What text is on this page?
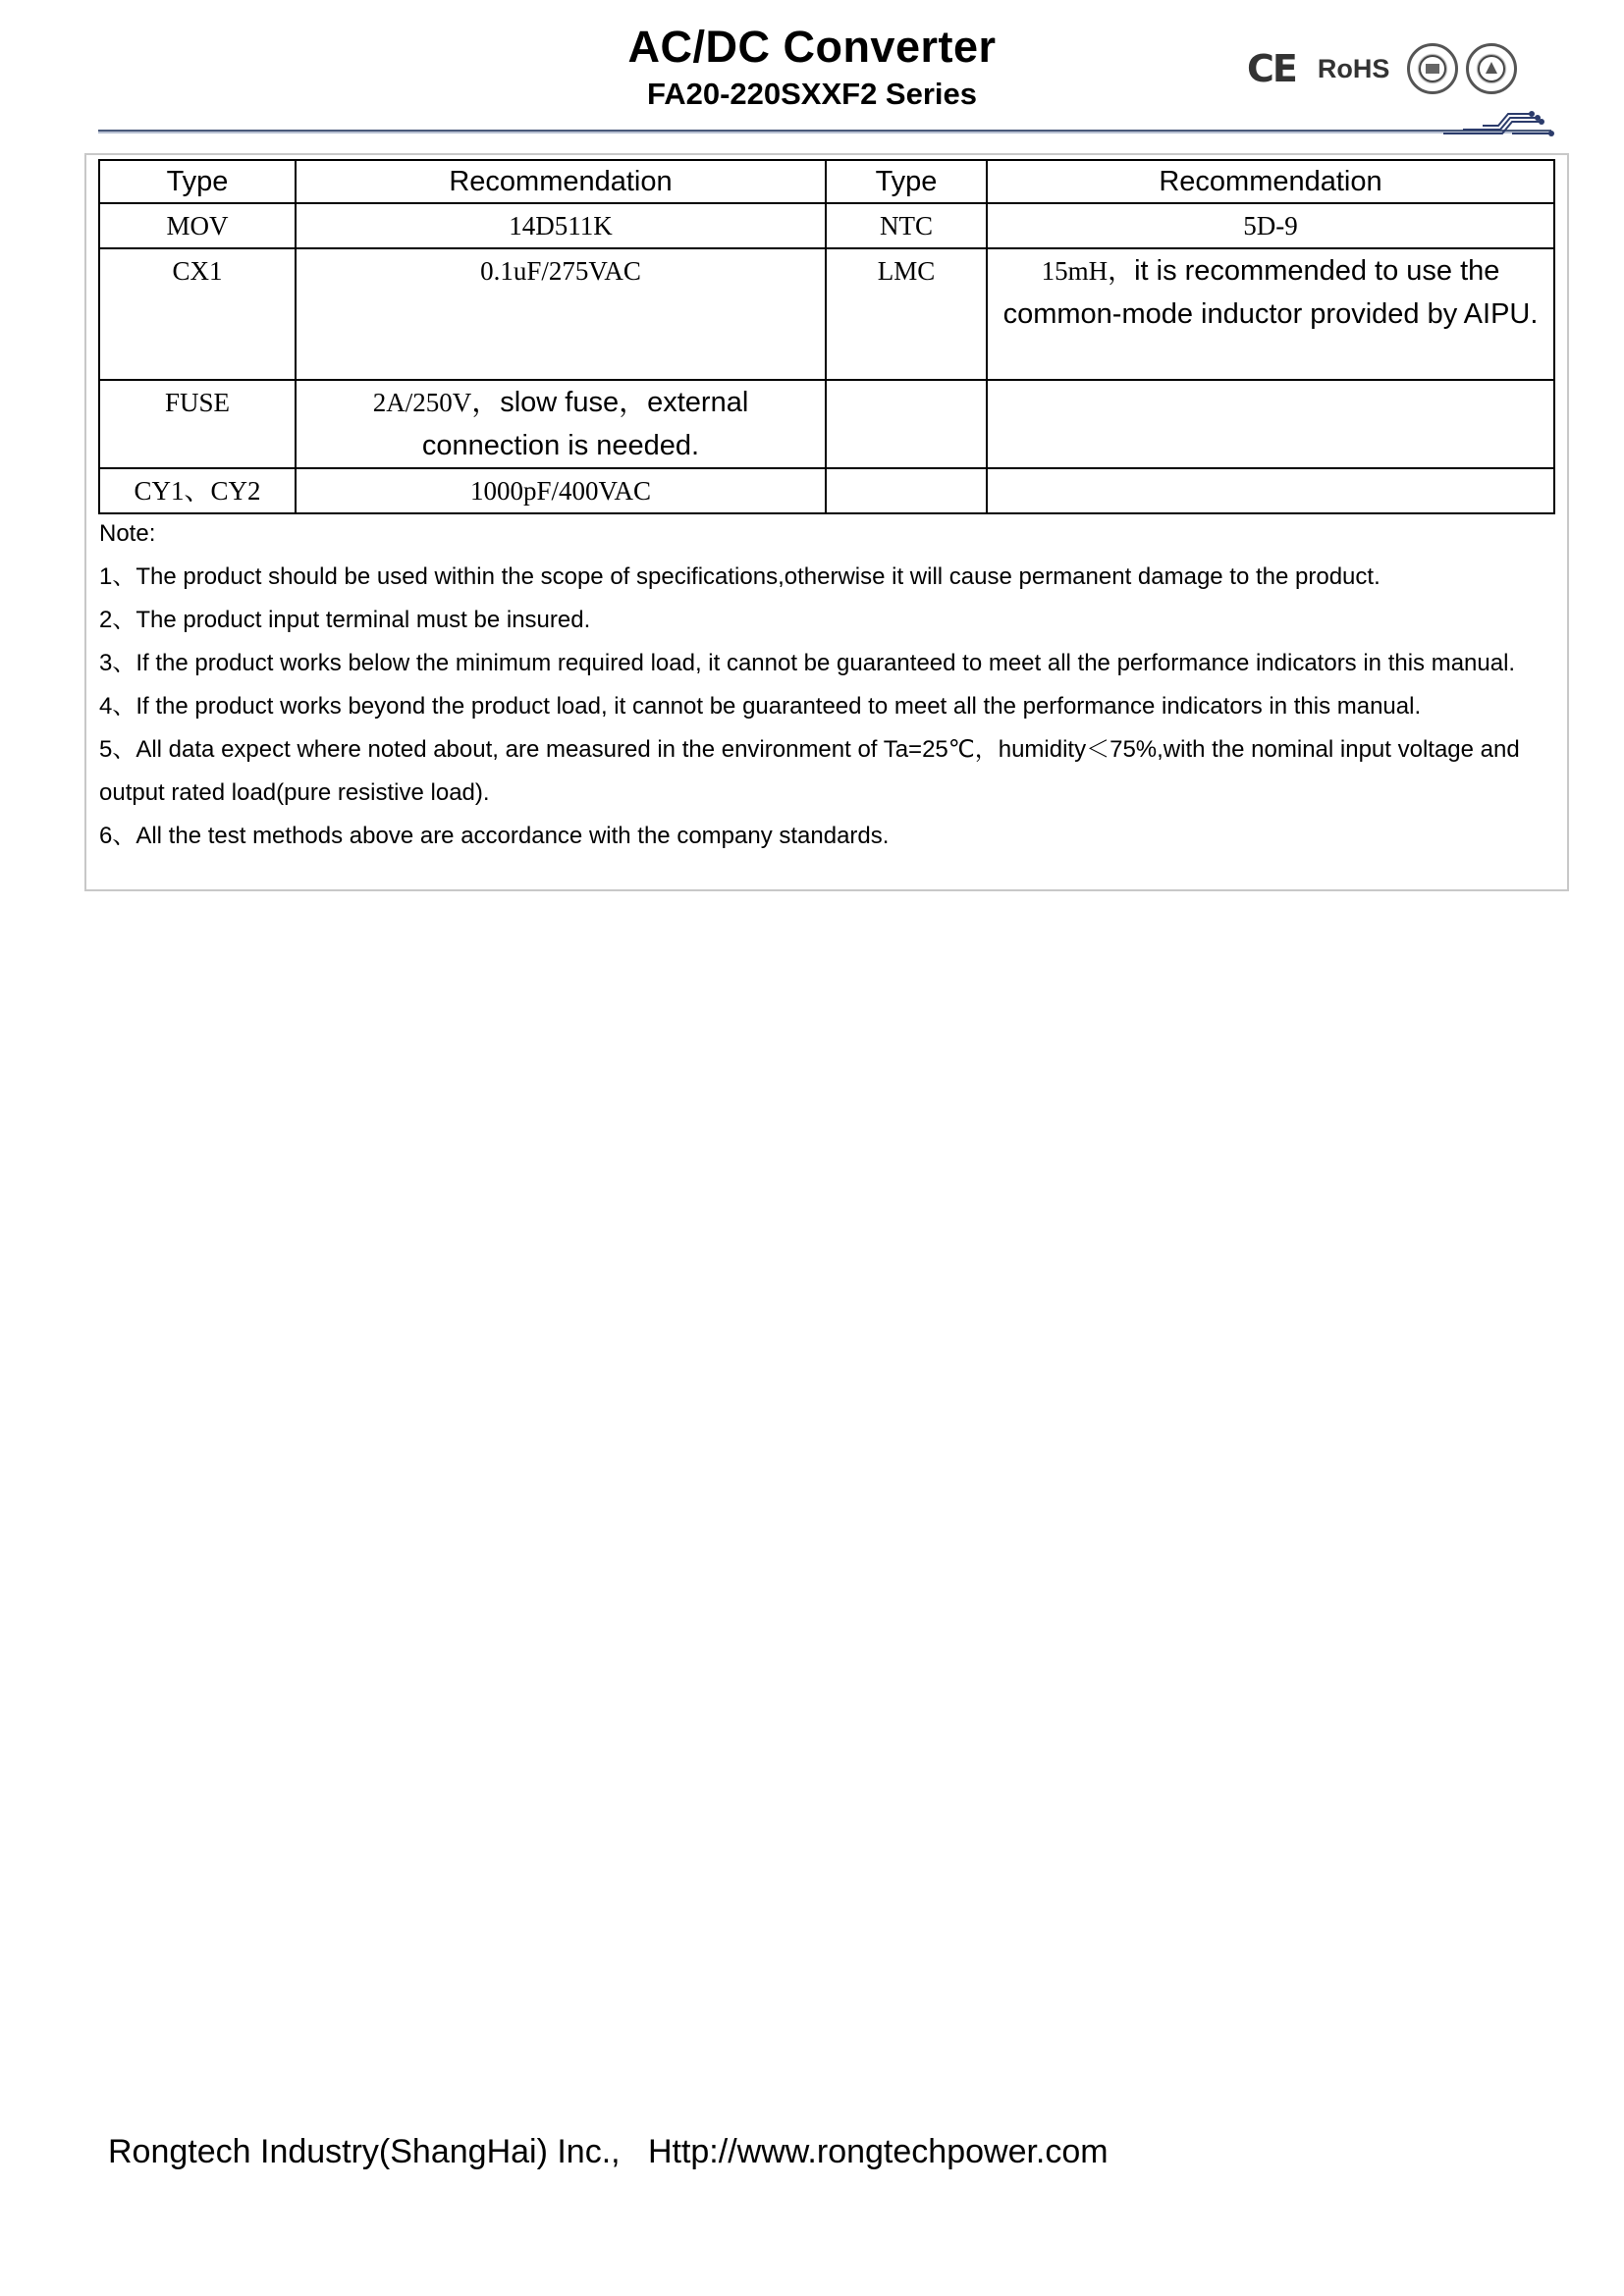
AC/DC Converter
FA20-220SXXF2 Series
CE RoHS
Type	Recommendation	Type	Recommendation
MOV	14D511K	NTC	5D-9
CX1	0.1uF/275VAC	LMC	15mH，it is recommended to use the common-mode inductor provided by AIPU.
FUSE	2A/250V，slow fuse，external connection is needed.		
CY1、CY2	1000pF/400VAC		

Note:

1、The product should be used within the scope of specifications,otherwise it will cause permanent damage to the product.

2、The product input terminal must be insured.

3、If the product works below the minimum required load, it cannot be guaranteed to meet all the performance indicators in this manual.

4、If the product works beyond the product load, it cannot be guaranteed to meet all the performance indicators in this manual.

5、All data expect where noted about, are measured in the environment of Ta=25℃，humidity＜75%,with the nominal input voltage and output rated load(pure resistive load).

6、All the test methods above are accordance with the company standards.

Rongtech Industry(ShangHai) Inc., Http://www.rongtechpower.com
